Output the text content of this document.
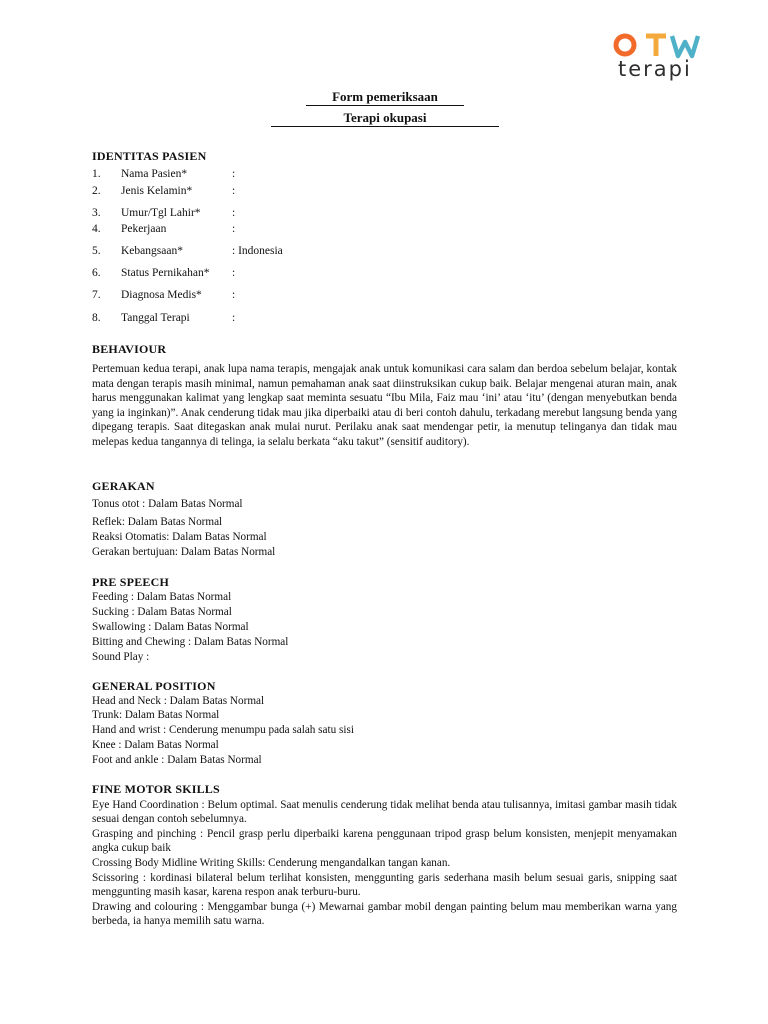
terapi
Form pemeriksaan
Terapi okupasi
IDENTITAS PASIEN
1. Nama Pasien*	:
2. Jenis Kelamin*	:
3. Umur/Tgl Lahir*	:
4. Pekerjaan	:
5. Kebangsaan*	: Indonesia
6. Status Pernikahan* :
7. Diagnosa Medis*	:
8. Tanggal Terapi	:
BEHAVIOUR
Pertemuan kedua terapi, anak lupa nama terapis, mengajak anak untuk komunikasi cara salam dan berdoa sebelum belajar, kontak mata dengan terapis masih minimal, namun pemahaman anak saat diinstruksikan cukup baik. Belajar mengenai aturan main, anak harus menggunakan kalimat yang lengkap saat meminta sesuatu “Ibu Mila, Faiz mau ‘ini’ atau ‘itu’ (dengan menyebutkan benda yang ia inginkan)”. Anak cenderung tidak mau jika diperbaiki atau di beri contoh dahulu, terkadang merebut langsung benda yang dipegang terapis. Saat ditegaskan anak mulai nurut. Perilaku anak saat mendengar petir, ia menutup telinganya dan tidak mau melepas kedua tangannya di telinga, ia selalu berkata “aku takut” (sensitif auditory).
GERAKAN
Tonus otot : Dalam Batas Normal
Reflek: Dalam Batas Normal
Reaksi Otomatis: Dalam Batas Normal
Gerakan bertujuan: Dalam Batas Normal
PRE SPEECH
Feeding : Dalam Batas Normal
Sucking : Dalam Batas Normal
Swallowing : Dalam Batas Normal
Bitting and Chewing : Dalam Batas Normal
Sound Play :
GENERAL POSITION
Head and Neck : Dalam Batas Normal
Trunk: Dalam Batas Normal
Hand and wrist : Cenderung menumpu pada salah satu sisi
Knee : Dalam Batas Normal
Foot and ankle : Dalam Batas Normal
FINE MOTOR SKILLS
Eye Hand Coordination : Belum optimal. Saat menulis cenderung tidak melihat benda atau tulisannya, imitasi gambar masih tidak sesuai dengan contoh sebelumnya.
Grasping and pinching : Pencil grasp perlu diperbaiki karena penggunaan tripod grasp belum konsisten, menjepit menyamakan angka cukup baik
Crossing Body Midline Writing Skills: Cenderung mengandalkan tangan kanan.
Scissoring : kordinasi bilateral belum terlihat konsisten, menggunting garis sederhana masih belum sesuai garis, snipping saat menggunting masih kasar, karena respon anak terburu-buru.
Drawing and colouring : Menggambar bunga (+) Mewarnai gambar mobil dengan painting belum mau memberikan warna yang berbeda, ia hanya memilih satu warna.
